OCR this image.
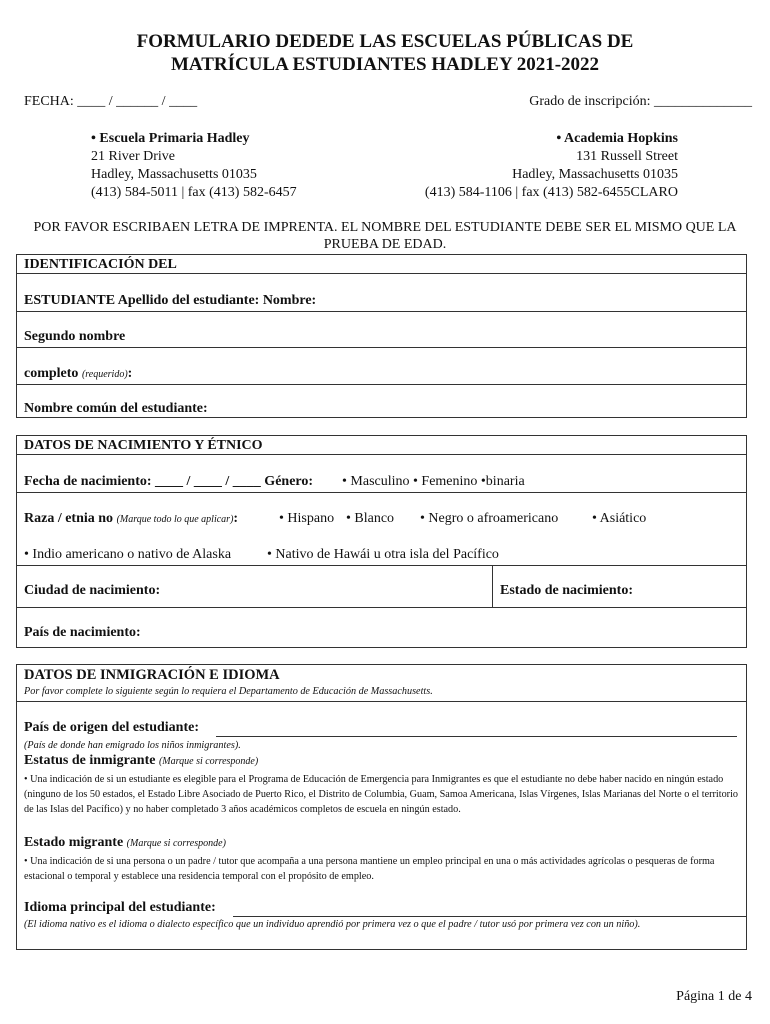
FORMULARIO DEDEDE LAS ESCUELAS PÚBLICAS DE
MATRÍCULA ESTUDIANTES HADLEY 2021-2022
FECHA: ____ / ______ / ____	Grado de inscripción: ______________
• Escuela Primaria Hadley
21 River Drive
Hadley, Massachusetts 01035
(413) 584-5011 | fax (413) 582-6457
• Academia Hopkins
131 Russell Street
Hadley, Massachusetts 01035
(413) 584-1106 | fax (413) 582-6455CLARO
POR FAVOR ESCRIBAEN LETRA DE IMPRENTA. EL NOMBRE DEL ESTUDIANTE DEBE SER EL MISMO QUE LA PRUEBA DE EDAD.
IDENTIFICACIÓN DEL
ESTUDIANTE Apellido del estudiante: Nombre:
Segundo nombre
completo (requerido):
Nombre común del estudiante:
DATOS DE NACIMIENTO Y ÉTNICO
Fecha de nacimiento: ____ / ____ / ____ Género: • Masculino • Femenino •binaria
Raza / etnia no (Marque todo lo que aplicar):	• Hispano • Blanco • Negro o afroamericano • Asiático
• Indio americano o nativo de Alaska	• Nativo de Hawái u otra isla del Pacífico
Ciudad de nacimiento:	Estado de nacimiento:
País de nacimiento:
DATOS DE INMIGRACIÓN E IDIOMA
Por favor complete lo siguiente según lo requiera el Departamento de Educación de Massachusetts.
País de origen del estudiante:
(País de donde han emigrado los niños inmigrantes).
Estatus de inmigrante (Marque si corresponde)
• Una indicación de si un estudiante es elegible para el Programa de Educación de Emergencia para Inmigrantes es que el estudiante no debe haber nacido en ningún estado (ninguno de los 50 estados, el Estado Libre Asociado de Puerto Rico, el Distrito de Columbia, Guam, Samoa Americana, Islas Vírgenes, Islas Marianas del Norte o el territorio de las Islas del Pacífico) y no haber completado 3 años académicos completos de escuela en ningún estado.
Estado migrante (Marque si corresponde)
• Una indicación de si una persona o un padre / tutor que acompaña a una persona mantiene un empleo principal en una o más actividades agrícolas o pesqueras de forma estacional o temporal y establece una residencia temporal con el propósito de empleo.
Idioma principal del estudiante:
(El idioma nativo es el idioma o dialecto específico que un individuo aprendió por primera vez o que el padre / tutor usó por primera vez con un niño).
Página 1 de 4
